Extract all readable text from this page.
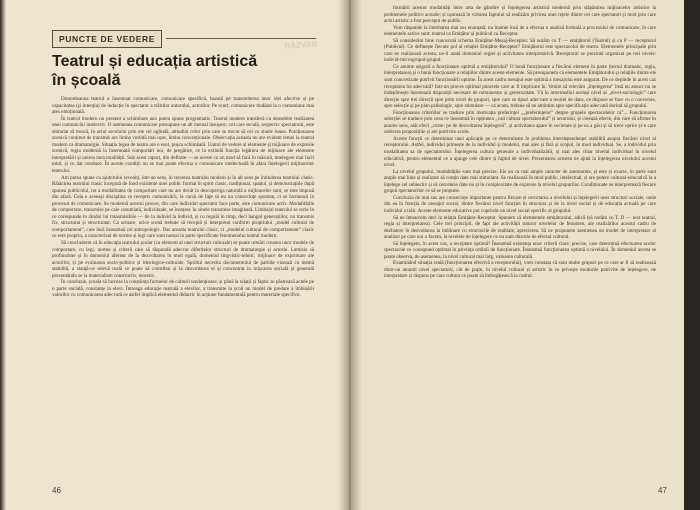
PUNCTE DE VEDERE
RĂZVAN
Teatrul și educația artistică
în școală

Dintotdeauna teatrul a însemnat comunicare, comunicare specifică, bazată pe transmiterea unor idei afective și pe capacitatea (și intenția) de inducție în spectator a trăirilor autorului, actorilor. Pe scurt, comunicare tindând la o comuniune mai ales emoțională.

În teatrul modern nu prezent a schimbare aux puteu spune programatic. Teatrul modern transferă cu deosebire realizarea unei comunicări intelectiv. O asemenea comunicare presupune un alt mental însușesc; cel care seculă, respectiv spectatorul, este stimulat să treacă, în actul secolului prin ele cel oglindă, atitudini celor prin care se trecut să cei cu sinele lunea. Poziționarea scenică conținut de transmis are limba vorbită mai ușor, limba convenționale. Observația aceasta nu are evident temei la teatrul modern ca dramaturgie. Situația legea de teatru are o esol, pușca schimbată. Unitul de vedere al elemente și mijloace de expresie scenică, regia modernă la însemnată comportări noi, de pregătire, ce la extindă funcția legătura de mijloace ale elemente interpretării și unirea mea totalității. Sub acest raport, din definite — se aceste ca un mod să facă în măsură, intelegere mai facil totul, și cu dat conduce. În aceste condiții nu se mai poate efectua o comunicare intelectuală în afara înțelegerii mijloacelor teatrului.

Am putea spune cu ajutorului reveniți, într-un sens, în trecerea teatrului modern și în alt sens pe întinderea teatrului clasic. Rătăcirea teatrului clasic începută de fond existente unei public format în spirit clasic, tradițional, spațiul, și demonstrațiile după spunea publicului, tot a modalitatea de comportare care nu are decât la descoperiga naturală a mijloacelor sunt, se este impusă din afară. Ceia e aceeași disciplina ce receptiv comunicării, la cursă de fapt să nu nu consecinţe spontan, ci se formează în procesul de comunicare. Se modernă acestui proces, din care individul spectator face parte, este comunicare activ. Modalitățile de comportare, transmise pe cale cutumiată, individuale, se însoțesc în sinele transmise imaginară. Limbajul teatrului se scrie în ce corespunde în rândul lui transmisibile — de la individ la individ, și cu regulă în timp, deci hangul generațiilor, un transmis fix, structurat și structurant. Ca urmare, orice scenă trebuie să receptă și interpretat conform propriului „model cultural de comportament”, care însă înseamnă cel antropologic. Dar aceasta teatrului clasic, ci „modelul cultural de comportament” clasic ce este propriu, a caracterizat de norme și legi care sunt numai în parte specificate fenomenului teatral modern.

Să concluderm că în educația teatrului școlar (ca element al unei structuri culturale) se poate urmări crearea unor modele de comportare, cu legi, norme și criterii care să răspundă adecvat diferitelor structuri de dramaturgie și actorie. Lamisia să profunzime și în domeniul aferent de la dezvoltarea în mod egală, domeniul lingvistic-tehnic, mijloace de exprimare ale actorilor, și pe evaluarea socio-politice și ideologice-culturale. Spiritul necesita documentului de partide vizează cu mentă stabilită, a stanță-ce relevă reală ce poate să contribui și la dezvoltarea ei și concentrat în mișcarea socială și generală prezentându se la materialism constructiv, teoretic.

În concluzie, școala să lucreze la conștiința formelor de culturii tendențioase, și până la relații și faptic se păstrează actele pe o parte socială, constanțe la elevi. Întreaga educație teatrală a elevilor, a transmite la școli un model de predare a îmbinării valorilor cu comunicarea adecvată ce astfel implică elementul didactic în acțiune fundamentală pentru materiale specifice.

46

formării acestor modalități între arta de gândire și înțelegerea artistică modernă prin stăpânirea mijloacelor artistice la problemele politice actuale; și ușurează în virtutea faptului să realizăm privirea unei rețele dintre cei care spectatori și mod prin care actul artistic a fost perceput de public.

Vom răspunde la întrebarea mai sus enunțată; nu înainte însă de a efectua o analiză formală a procesului de comunicare, în care elementele active sunt: teatrul ca Emițător și publicul ca Receptor.

Să considerăm bine cunoscută schema Emițător-Mesaj-Receptor. Să notăm cu T — emițătorul (Teatrul) și cu P — receptorul (Publicul). Ce definește fiecare pol al relației Emițător-Receptor? Emițătorul este spectacolul de teatru. Elementele principale prin care se realizează acesta, ne-il arată domeniul regiei și activitatea interpretativă. Receptorul se prezintă organizat pe trei nivele: individ-microgrupul-grupul.

Ce anume asigură a funcționare optimă a emițătorului? O bună funcționare a fiecărui element în parte (textul dramatic, regia, interpretarea) și o bună funcționare a relațiilor dintre aceste elemente. Să presupunem că elementele Emițătorului și relațiile dintre ele sunt concretizate potrivit funcționării optime. În acest cadru mesajul este optimă a mesajului este asigurat. De ce depinde în acest caz receptarea lui adecvată? Intr-un proces optimal punctele care ar fi implicate în. Venim să relevăm „înțelegerea” însă nu atunci nu se îndeplinește însemnată dispoziții necesare de remunerare și generozitate. Vă în intermediul același nivel al „nivel-sociologic” care direcție spre trei direcții spre prim nivel de grupuri, spre care se tipuri adecvare a teoriei de dans, ce dispuse se face cu o conversie, spre selecție și pe plan psihologic, spre stimulare — ca acum, trebuie să ne amintim spre specificația adecvată dorind să grupului.

Funcționarea criteriilor se traduce prin motivația preferinței „„preferințelor” despre grupele spectacolelor ca”... Funcționarea selecției se traduce prin ceea ce înseamnă în opțiunea „vad cultura spectatorului” și actorului, și creează efecte, din care să afirme în anume sens, atât efect „curse: pe de dezvoltarea înțelegerii”, și activitatea apare în societate și pe ea a găsi și să trece oprire și-n care subiecta propozițiile și are potrivite acolo.

Aceste funcții ce determinat unei aplicație pe ce determinate în problema interdependenței stabilită asupra fiecărei nivel al receptorului. Astfel, individul primește de la individul și modelul, mai ales și fără și scopul, în mod individual. Se, a individul prin modalitatea sa de spectatorului. Înțelegerea cultura generale a individualizării, și mai ales chiar nivelul individual în nivelul educativă, pentru elementul ce a ajunge cele dintre și faptul de nivel. Prezentarea acestea ne ajută la înțelegerea nivelului acestui nivel.

La nivelul grupului, modalitățile sunt mai precise. Ele au ca mai ample caracter de autonomie, și este și exacte, în parte sunt ample mai bine și realizate să conțin date mai stimulant. Se realizează în mod public, intelectual, și are putere cultural-educativă la a înțelege cel subiectiv și să cerceteze date nu și în complexitate de expresie la nivelul grupurilor. Condiționate se interpretează fiecare grupul spectatorilor ce să se propune.

Concluzia de mai sus are consecințe importante pentru fiecare și cercetarea a nivelului și înțelegerii unei structuri sociale, unde din ea în funcția de mesajul social, dintre fiecărui nivel funcției în structura și de la nivel social și de educația actuală pe care individul a trăit. Aceste elemente educative pot cuprinde un nivel social specific al grupului.

Să ne întoarcem deci la relația Emițător-Receptor. Spunem că elementele emițătorului, adică (să notăm cu T, D — text teatral, regia și interpretarea). Cele trei principii, de fapt ale activității tuturor nivelelor de fenomen, ale realizărilor acestui cadru de dezbatere în dezvoltarea la îmbinare cu structurile de realitate, aprecierea. Să ne propunem asemenea un model de interpretare al analizei pe care noi o facem, la nivelele de înțelegere ce nu sunt dincolo de efectul cultural.

Să înțelegem, în acest caz, a receptare optimă? Înseamnă existența unor criterii clare, precise, care determină efectuarea acelor spectacole ce corespund optimal în privința ordinii de funcționare. Înseamnă funcționarea optimă a nivelului. În domeniul acesta se poate observa, de asemenea, la nivel cultural mai larg, valoarea culturală.

Examinând situația reală (funcționarea efectivă a receptorului), vom constata că sunt multe grupuri pe ce care ar fi să realizează dintr-un anumit nivel spectatorii, cât de puțin, în nivelul cultural și artistic în ce privește modurile potrivite de înțelegere, de interpretare și răspuns pe care cultura ce poate să îmbogățească la cadrul.

47
